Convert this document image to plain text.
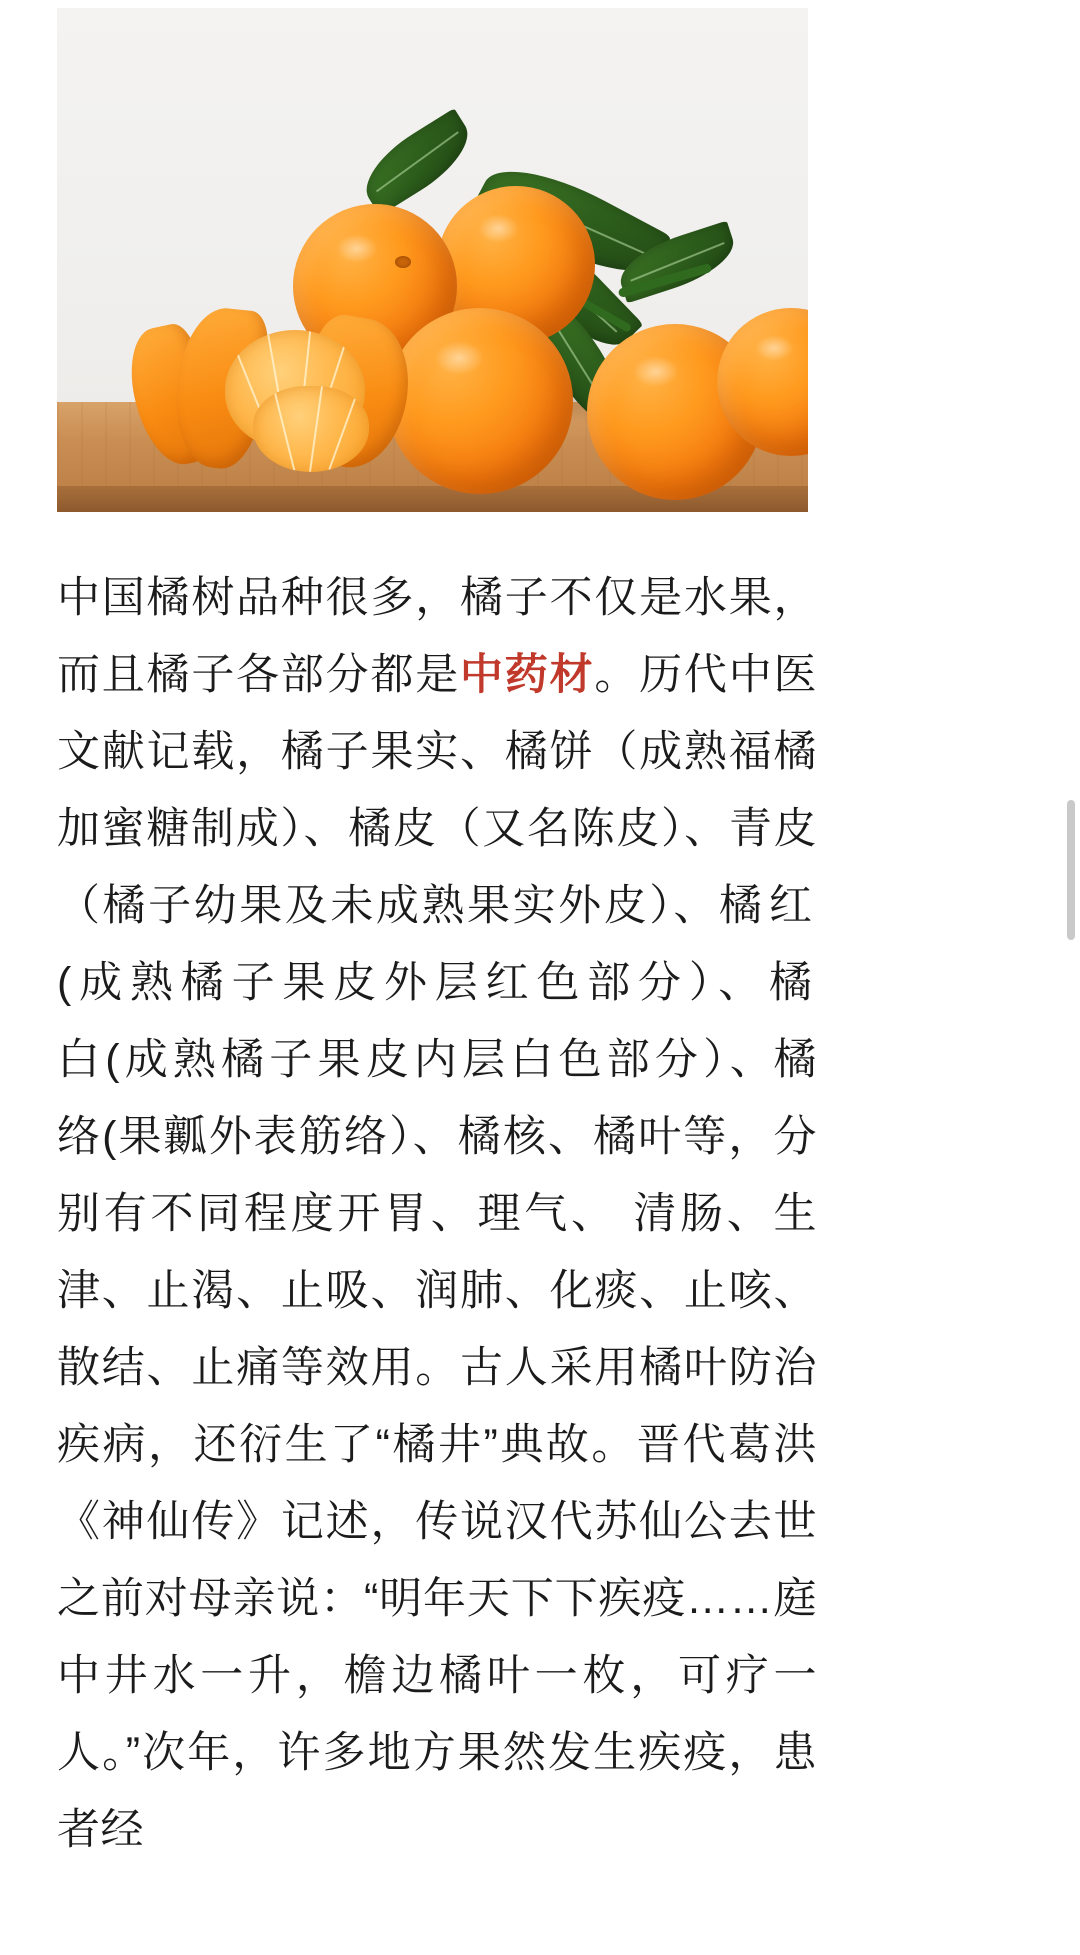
中国橘树品种很多，橘子不仅是水果，而且橘子各部分都是中药材。历代中医文献记载，橘子果实、橘饼（成熟福橘加蜜糖制成）、橘皮（又名陈皮）、青皮（橘子幼果及未成熟果实外皮）、橘红(成熟橘子果皮外层红色部分）、橘白(成熟橘子果皮内层白色部分）、橘络(果瓤外表筋络）、橘核、橘叶等，分别有不同程度开胃、理气、 清肠、生津、止渴、止吸、润肺、化痰、止咳、散结、止痛等效用。古人采用橘叶防治疾病，还衍生了“橘井”典故。晋代葛洪《神仙传》记述，传说汉代苏仙公去世之前对母亲说：“明年天下下疾疫……庭中井水一升，檐边橘叶一枚，可疗一人。”次年，许多地方果然发生疾疫，患者经
